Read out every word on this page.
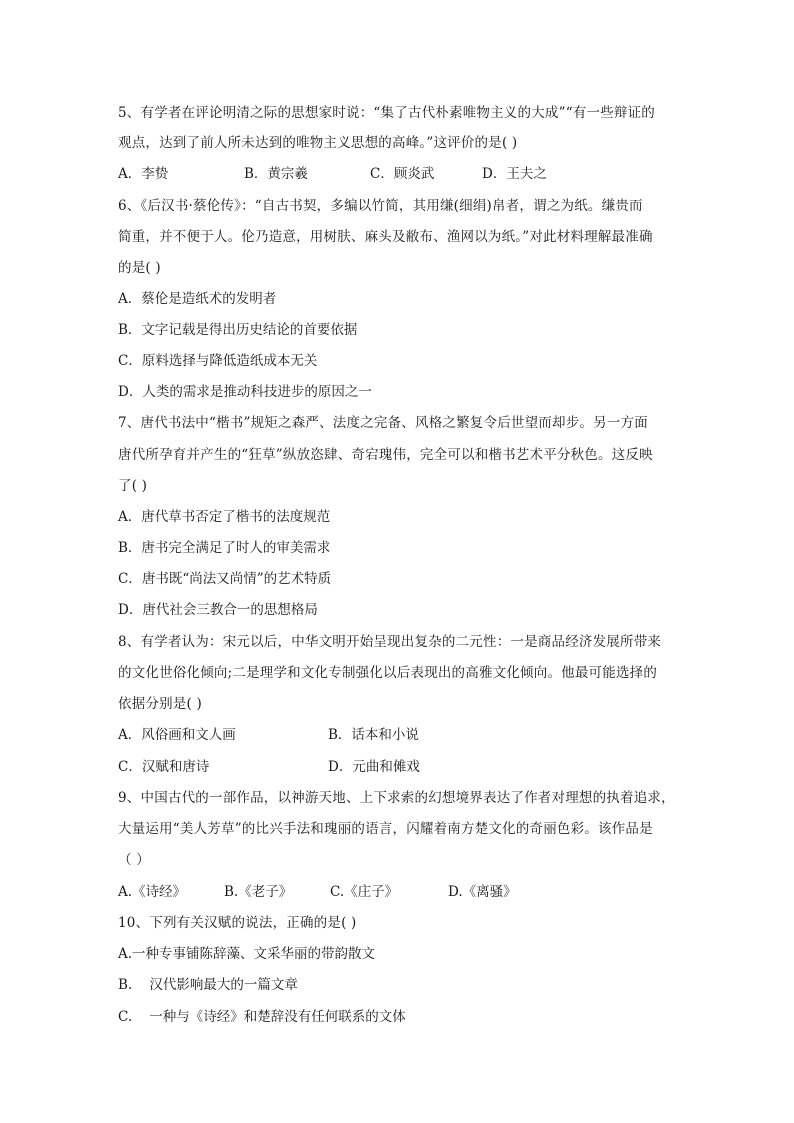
5、有学者在评论明清之际的思想家时说：“集了古代朴素唯物主义的大成”“有一些辩证的
观点，达到了前人所未达到的唯物主义思想的高峰。”这评价的是( )
A．李贽	B．黄宗羲	C．顾炎武	D．王夫之
6、《后汉书·蔡伦传》：“自古书契，多编以竹简，其用缣(细绢)帛者，谓之为纸。缣贵而
简重，并不便于人。伦乃造意，用树肤、麻头及敝布、渔网以为纸。”对此材料理解最准确
的是( )
A．蔡伦是造纸术的发明者
B．文字记载是得出历史结论的首要依据
C．原料选择与降低造纸成本无关
D．人类的需求是推动科技进步的原因之一
7、唐代书法中“楷书”规矩之森严、法度之完备、风格之繁复令后世望而却步。另一方面
唐代所孕育并产生的“狂草”纵放恣肆、奇宕瑰伟，完全可以和楷书艺术平分秋色。这反映
了( )
A．唐代草书否定了楷书的法度规范
B．唐书完全满足了时人的审美需求
C．唐书既“尚法又尚情”的艺术特质
D．唐代社会三教合一的思想格局
8、有学者认为：宋元以后，中华文明开始呈现出复杂的二元性：一是商品经济发展所带来
的文化世俗化倾向;二是理学和文化专制强化以后表现出的高雅文化倾向。他最可能选择的
依据分别是( )
A．风俗画和文人画	B．话本和小说
C．汉赋和唐诗	D．元曲和傩戏
9、中国古代的一部作品，以神游天地、上下求索的幻想境界表达了作者对理想的执着追求，
大量运用“美人芳草”的比兴手法和瑰丽的语言，闪耀着南方楚文化的奇丽色彩。该作品是
（ ）
A.《诗经》	B.《老子》	C.《庄子》	D.《离骚》
10、下列有关汉赋的说法，正确的是( )
A.一种专事铺陈辞藻、文采华丽的带韵散文
B.    汉代影响最大的一篇文章
C.    一种与《诗经》和楚辞没有任何联系的文体
